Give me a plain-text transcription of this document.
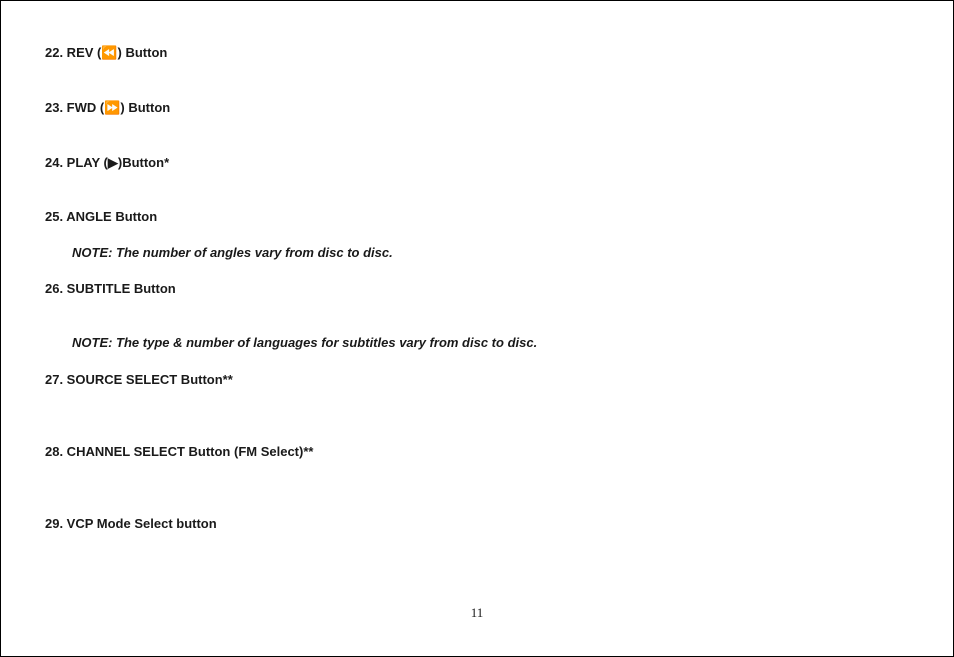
22. REV (⏪) Button
23. FWD (⏩) Button
24. PLAY (▶)Button*
25. ANGLE Button
NOTE: The number of angles vary from disc to disc.
26. SUBTITLE Button
NOTE: The type & number of languages for subtitles vary from disc to disc.
27. SOURCE SELECT Button**
28. CHANNEL SELECT Button (FM Select)**
29. VCP Mode Select button
11
